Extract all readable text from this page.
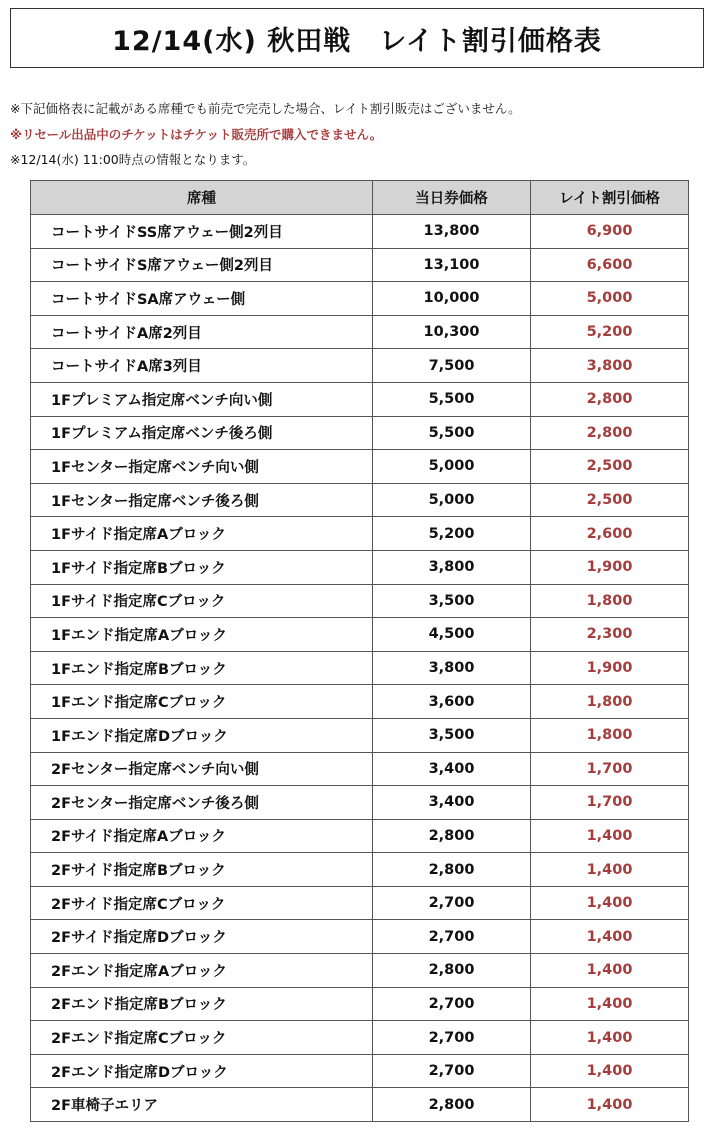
12/14(水) 秋田戦　レイト割引価格表
※下記価格表に記載がある席種でも前売で完売した場合、レイト割引販売はございません。
※リセール出品中のチケットはチケット販売所で購入できません。
※12/14(水) 11:00時点の情報となります。
席種	当日券価格	レイト割引価格
コートサイドSS席アウェー側2列目	13,800	6,900
コートサイドS席アウェー側2列目	13,100	6,600
コートサイドSA席アウェー側	10,000	5,000
コートサイドA席2列目	10,300	5,200
コートサイドA席3列目	7,500	3,800
1Fプレミアム指定席ベンチ向い側	5,500	2,800
1Fプレミアム指定席ベンチ後ろ側	5,500	2,800
1Fセンター指定席ベンチ向い側	5,000	2,500
1Fセンター指定席ベンチ後ろ側	5,000	2,500
1Fサイド指定席Aブロック	5,200	2,600
1Fサイド指定席Bブロック	3,800	1,900
1Fサイド指定席Cブロック	3,500	1,800
1Fエンド指定席Aブロック	4,500	2,300
1Fエンド指定席Bブロック	3,800	1,900
1Fエンド指定席Cブロック	3,600	1,800
1Fエンド指定席Dブロック	3,500	1,800
2Fセンター指定席ベンチ向い側	3,400	1,700
2Fセンター指定席ベンチ後ろ側	3,400	1,700
2Fサイド指定席Aブロック	2,800	1,400
2Fサイド指定席Bブロック	2,800	1,400
2Fサイド指定席Cブロック	2,700	1,400
2Fサイド指定席Dブロック	2,700	1,400
2Fエンド指定席Aブロック	2,800	1,400
2Fエンド指定席Bブロック	2,700	1,400
2Fエンド指定席Cブロック	2,700	1,400
2Fエンド指定席Dブロック	2,700	1,400
2F車椅子エリア	2,800	1,400
